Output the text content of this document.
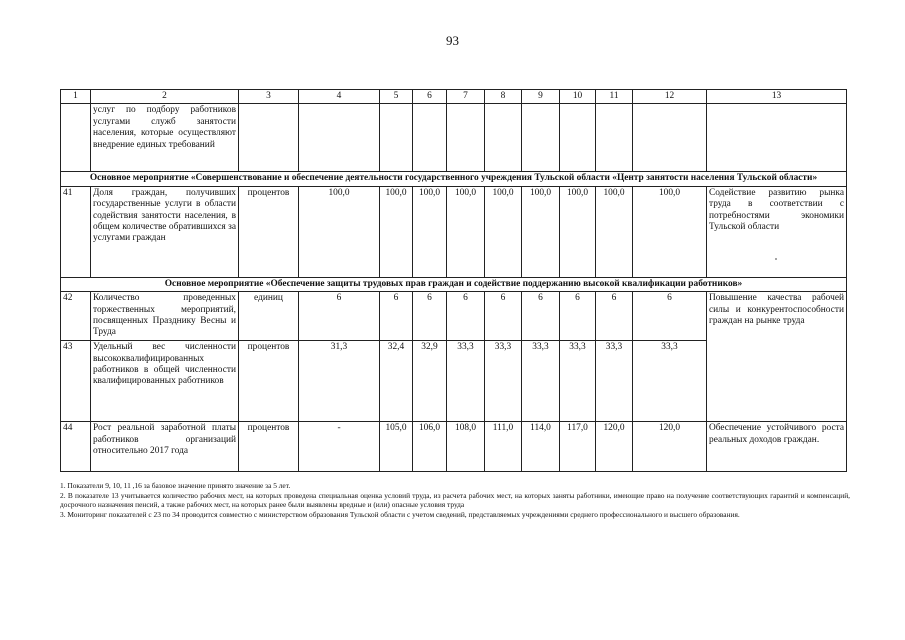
93
1	2	3	4	5	6	7	8	9	10	11	12	13
	услуг по подбору работников услугами служб занятости населения, которые осуществляют внедрение единых требований											
Основное мероприятие «Совершенствование и обеспечение деятельности государственного учреждения Тульской области «Центр занятости населения Тульской области»												
41	Доля граждан, получивших государственные услуги в области содействия занятости населения, в общем количестве обратившихся за услугами граждан	процентов	100,0	100,0	100,0	100,0	100,0	100,0	100,0	100,0	100,0	Содействие развитию рынка труда в соответствии с потребностями экономики Тульской области
Основное мероприятие «Обеспечение защиты трудовых прав граждан и содействие поддержанию высокой квалификации работников»												
42	Количество проведенных торжественных мероприятий, посвященных Празднику Весны и Труда	единиц	6	6	6	6	6	6	6	6	6	Повышение качества рабочей силы и конкурентоспособности граждан на рынке труда
43	Удельный вес численности высококвалифицированных работников в общей численности квалифицированных работников	процентов	31,3	32,4	32,9	33,3	33,3	33,3	33,3	33,3	33,3	
44	Рост реальной заработной платы работников организаций относительно 2017 года	процентов	-	105,0	106,0	108,0	111,0	114,0	117,0	120,0	120,0	Обеспечение устойчивого роста реальных доходов граждан.
1. Показатели 9, 10, 11 ,16 за базовое значение принято значение за 5 лет.
2. В показателе 13 учитывается количество рабочих мест, на которых проведена специальная оценка условий труда, из расчета рабочих мест, на которых заняты работники, имеющие право на получение соответствующих гарантий и компенсаций, досрочного назначения пенсий, а также рабочих мест, на которых ранее были выявлены вредные и (или) опасные условия труда
3. Мониторинг показателей с 23 по 34 проводится совместно с министерством образования Тульской области с учетом сведений, представляемых учреждениями среднего профессионального и высшего образования.
